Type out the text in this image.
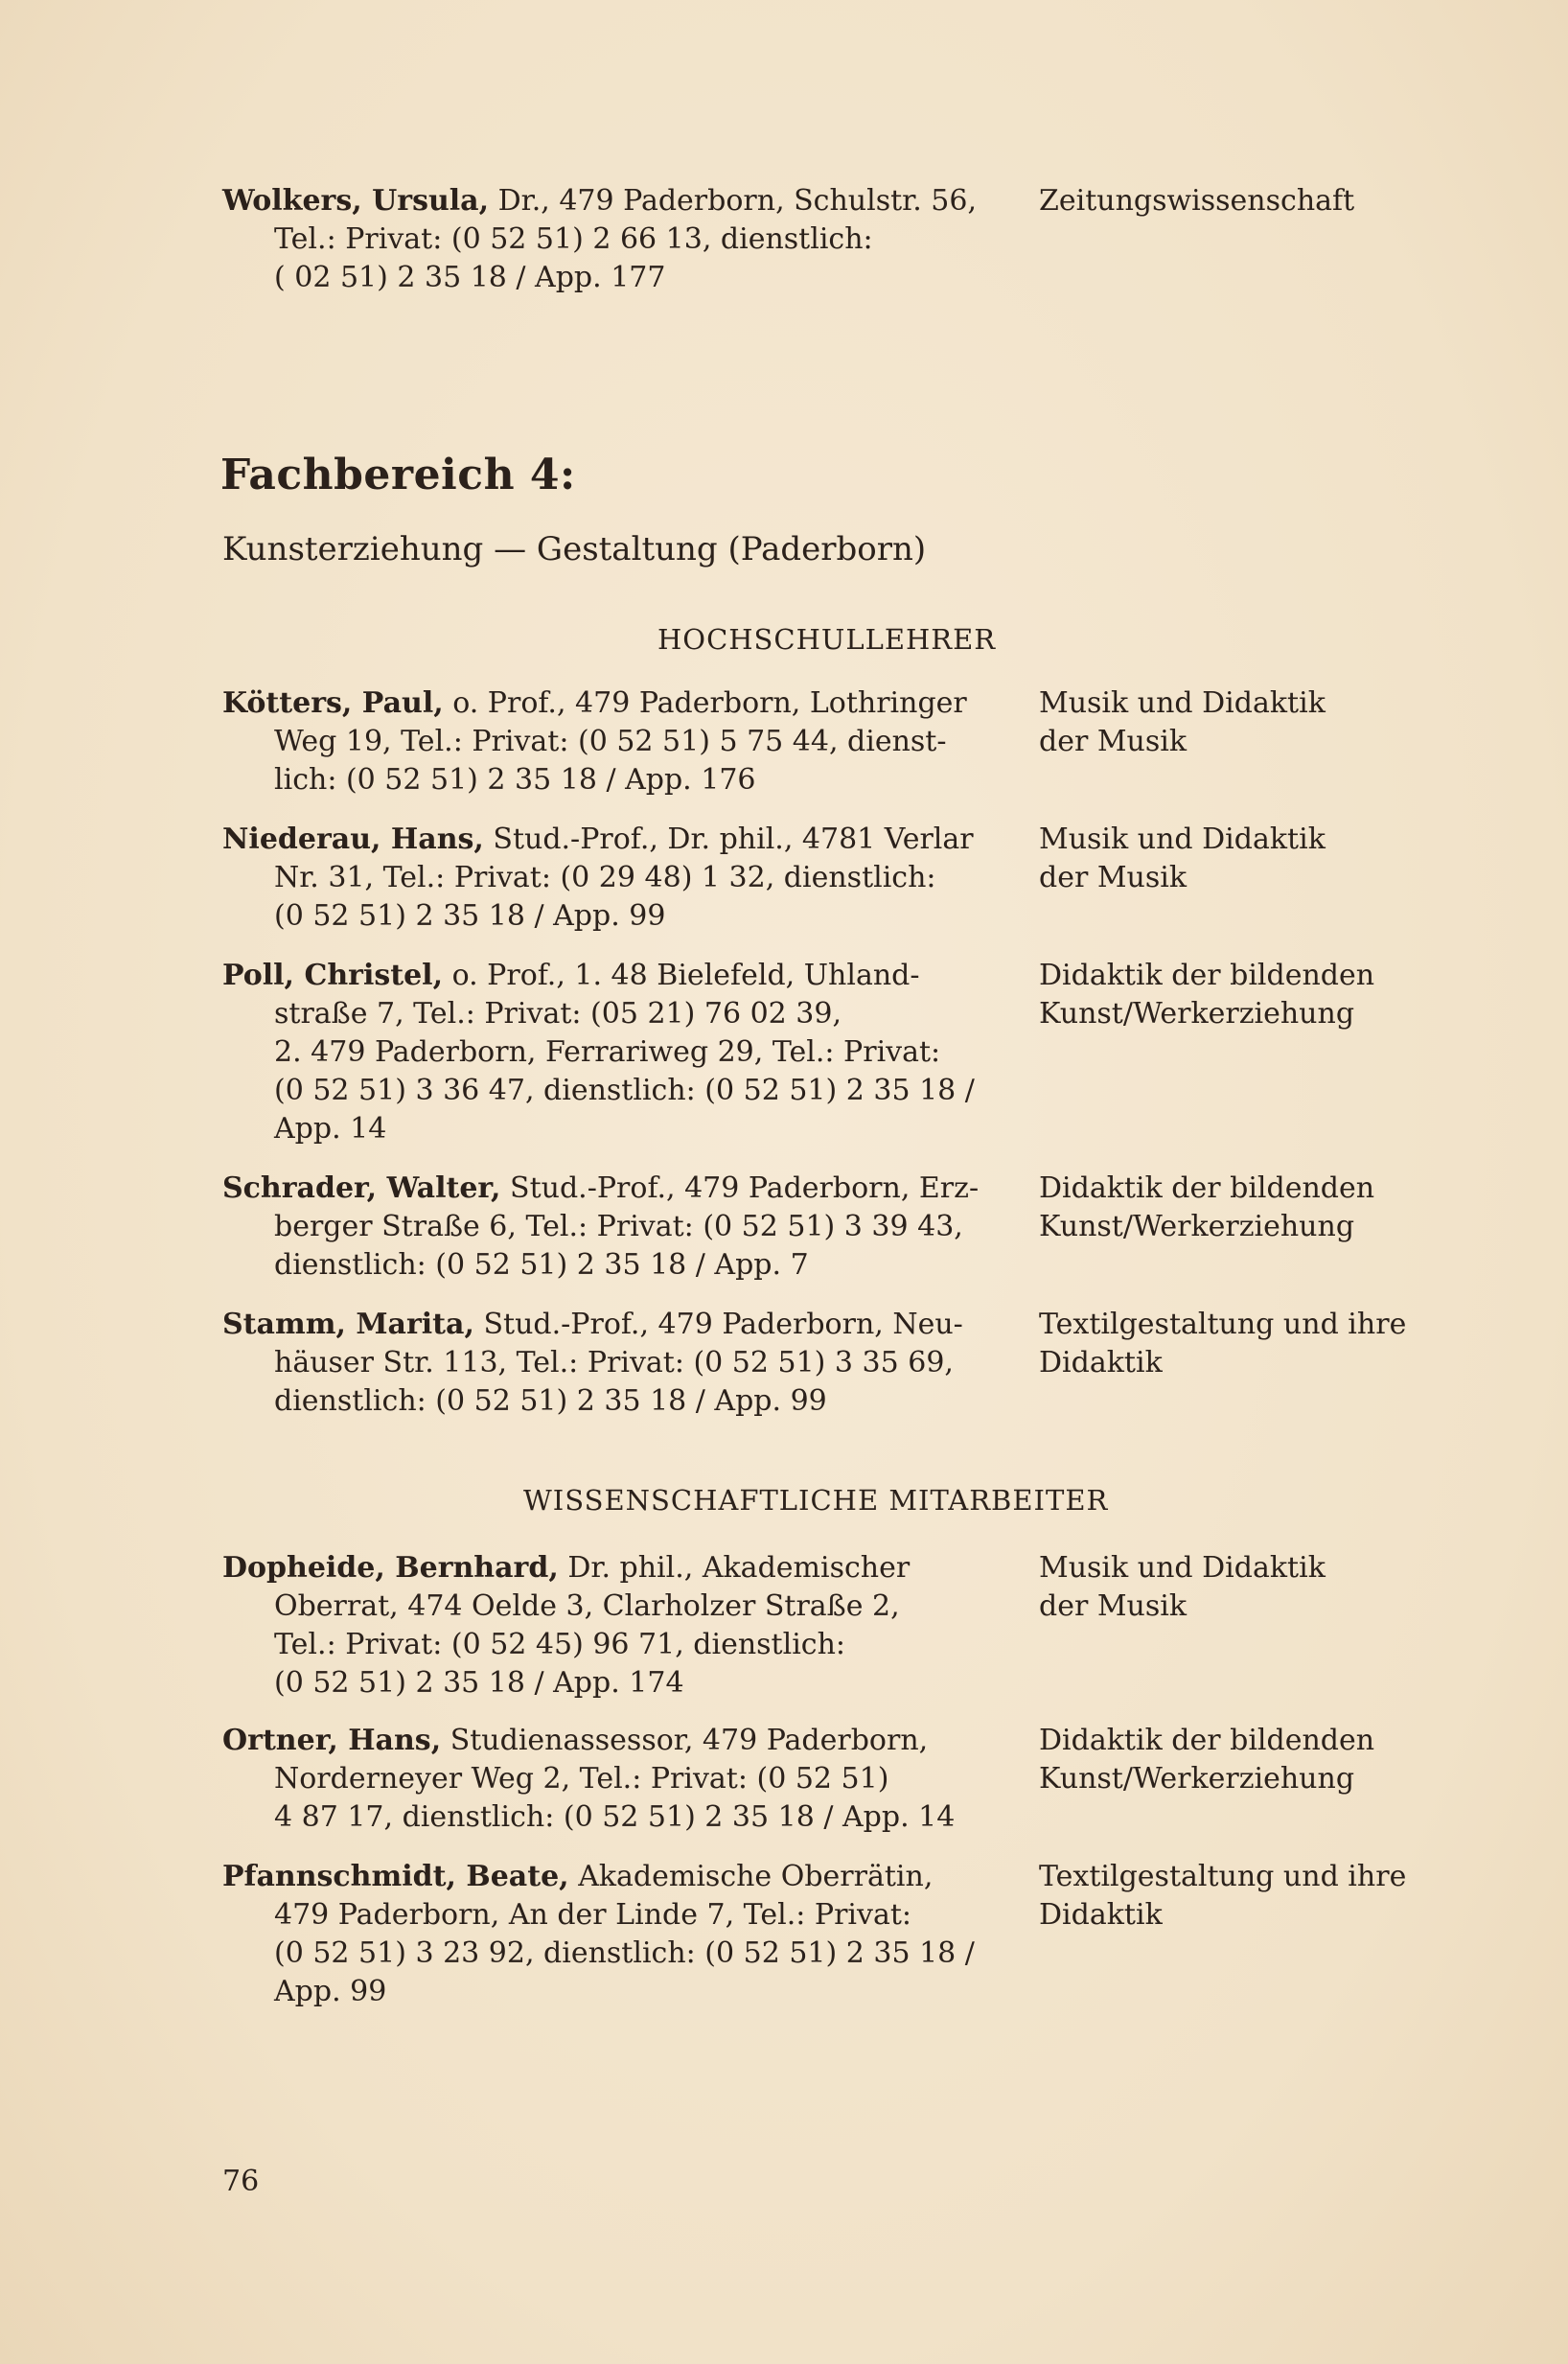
Wolkers, Ursula, Dr., 479 Paderborn, Schulstr. 56,
Tel.: Privat: (0 52 51) 2 66 13, dienstlich:
( 02 51) 2 35 18 / App. 177
Zeitungswissenschaft
Fachbereich 4:
Kunsterziehung — Gestaltung (Paderborn)
HOCHSCHULLEHRER
Kötters, Paul, o. Prof., 479 Paderborn, Lothringer
Weg 19, Tel.: Privat: (0 52 51) 5 75 44, dienst-
lich: (0 52 51) 2 35 18 / App. 176
Musik und Didaktik
der Musik
Niederau, Hans, Stud.-Prof., Dr. phil., 4781 Verlar
Nr. 31, Tel.: Privat: (0 29 48) 1 32, dienstlich:
(0 52 51) 2 35 18 / App. 99
Musik und Didaktik
der Musik
Poll, Christel, o. Prof., 1. 48 Bielefeld, Uhland-
straße 7, Tel.: Privat: (05 21) 76 02 39,
2. 479 Paderborn, Ferrariweg 29, Tel.: Privat:
(0 52 51) 3 36 47, dienstlich: (0 52 51) 2 35 18 /
App. 14
Didaktik der bildenden
Kunst/Werkerziehung
Schrader, Walter, Stud.-Prof., 479 Paderborn, Erz-
berger Straße 6, Tel.: Privat: (0 52 51) 3 39 43,
dienstlich: (0 52 51) 2 35 18 / App. 7
Didaktik der bildenden
Kunst/Werkerziehung
Stamm, Marita, Stud.-Prof., 479 Paderborn, Neu-
häuser Str. 113, Tel.: Privat: (0 52 51) 3 35 69,
dienstlich: (0 52 51) 2 35 18 / App. 99
Textilgestaltung und ihre
Didaktik
WISSENSCHAFTLICHE MITARBEITER
Dopheide, Bernhard, Dr. phil., Akademischer
Oberrat, 474 Oelde 3, Clarholzer Straße 2,
Tel.: Privat: (0 52 45) 96 71, dienstlich:
(0 52 51) 2 35 18 / App. 174
Musik und Didaktik
der Musik
Ortner, Hans, Studienassessor, 479 Paderborn,
Norderneyer Weg 2, Tel.: Privat: (0 52 51)
4 87 17, dienstlich: (0 52 51) 2 35 18 / App. 14
Didaktik der bildenden
Kunst/Werkerziehung
Pfannschmidt, Beate, Akademische Oberrätin,
479 Paderborn, An der Linde 7, Tel.: Privat:
(0 52 51) 3 23 92, dienstlich: (0 52 51) 2 35 18 /
App. 99
Textilgestaltung und ihre
Didaktik
76
